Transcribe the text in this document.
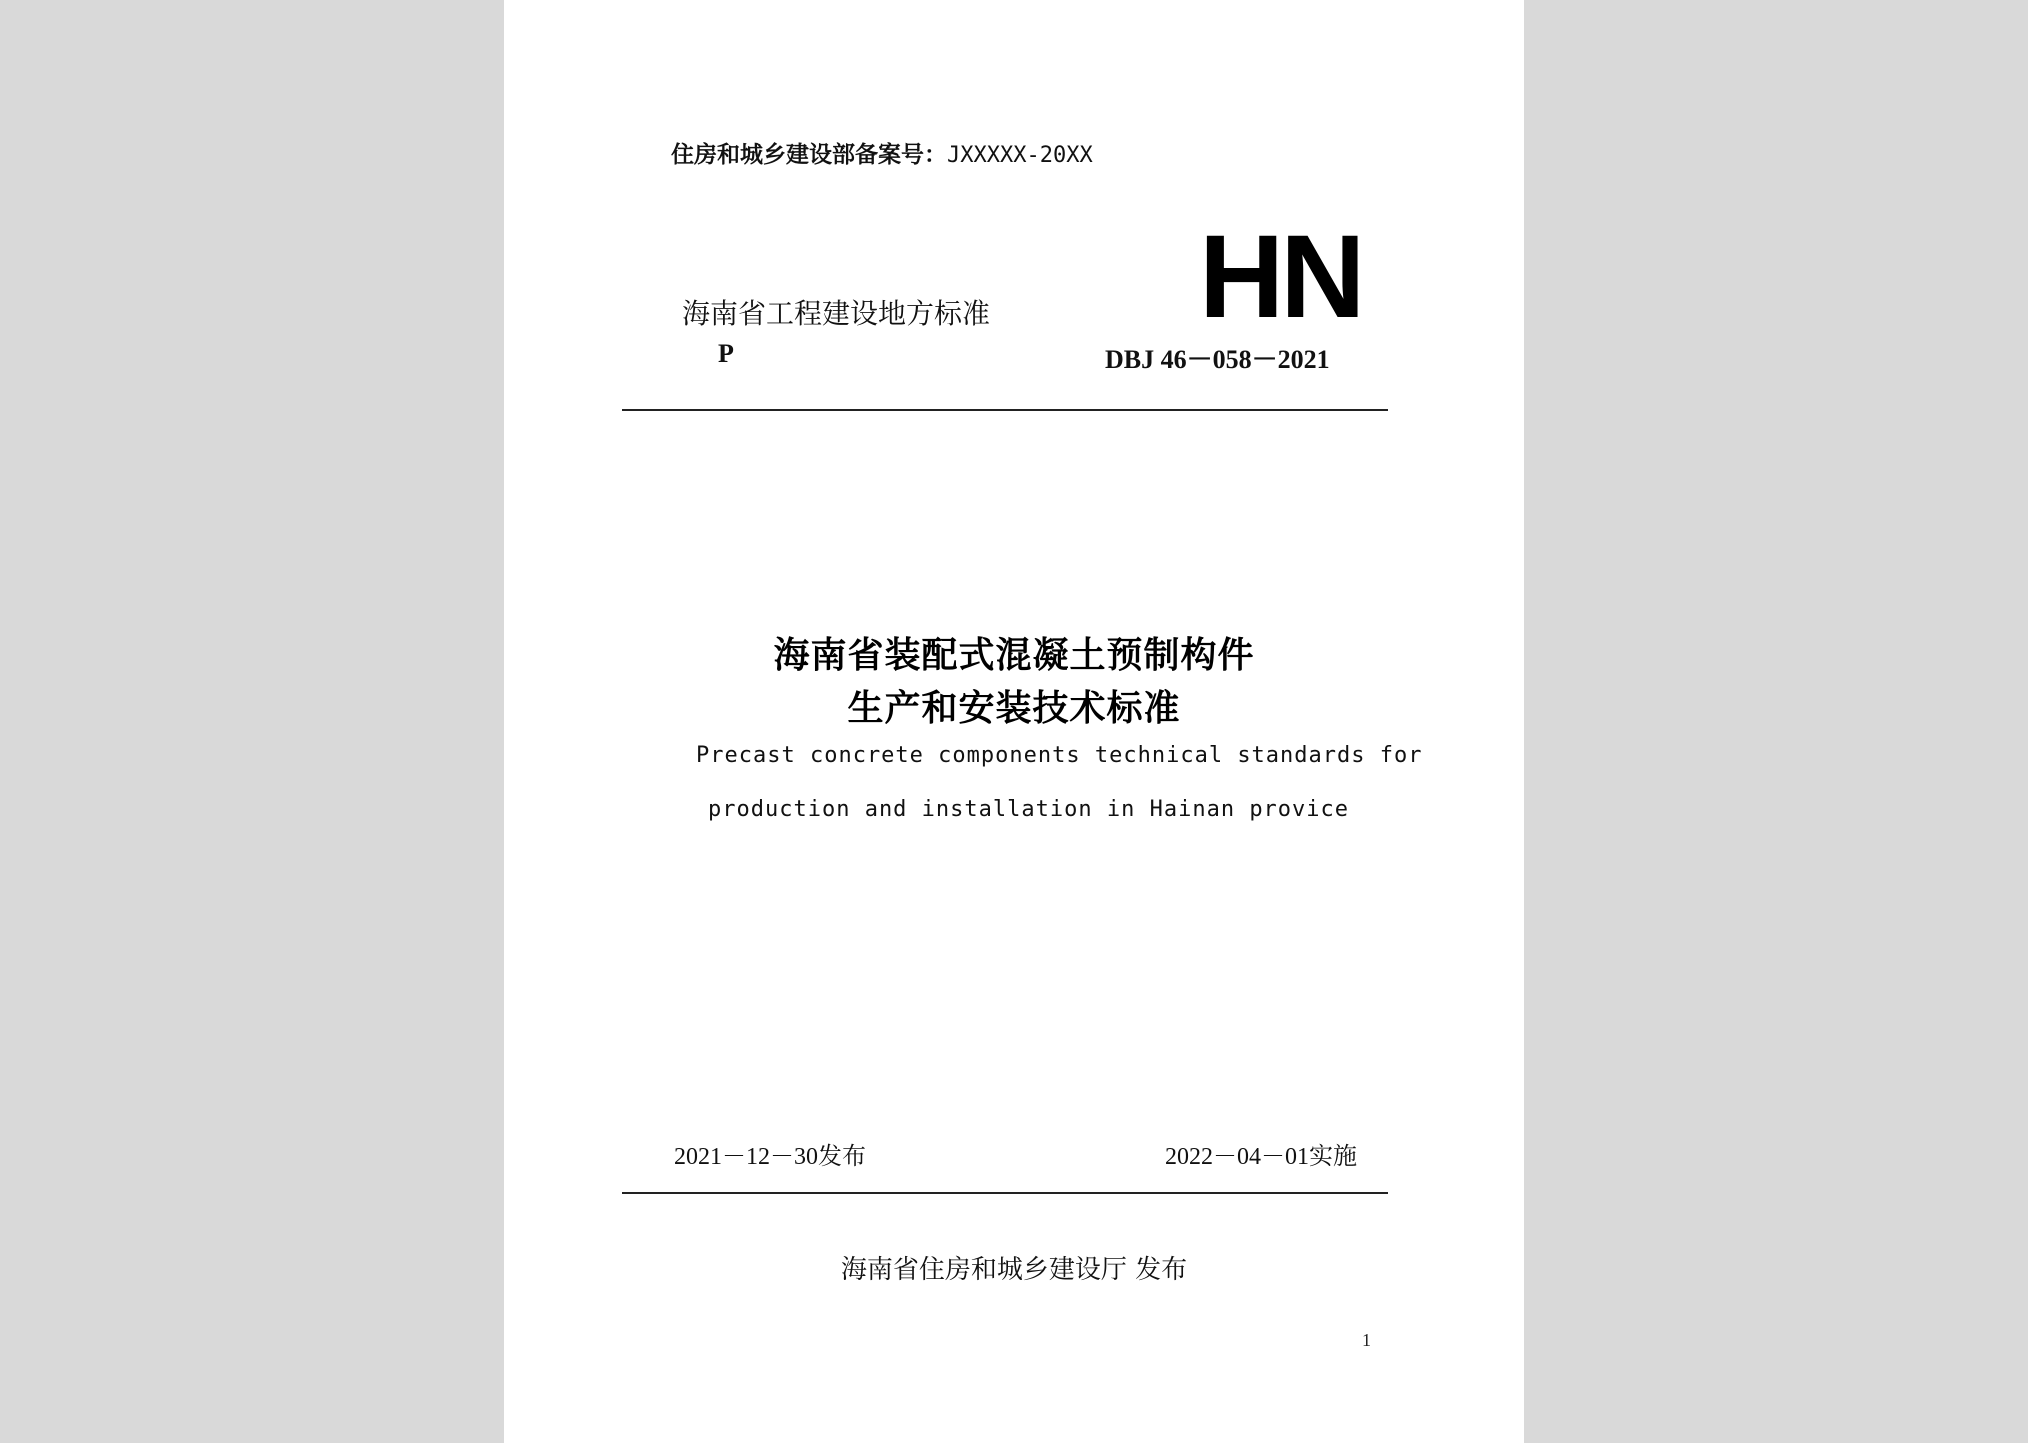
住房和城乡建设部备案号：JXXXXX-20XX
海南省工程建设地方标准
P
HN
DBJ 46－058－2021
海南省装配式混凝土预制构件
生产和安装技术标准
Precast concrete components technical standards for
production and installation in Hainan provice
2021－12－30发布	2022－04－01实施
海南省住房和城乡建设厅 发布
1
